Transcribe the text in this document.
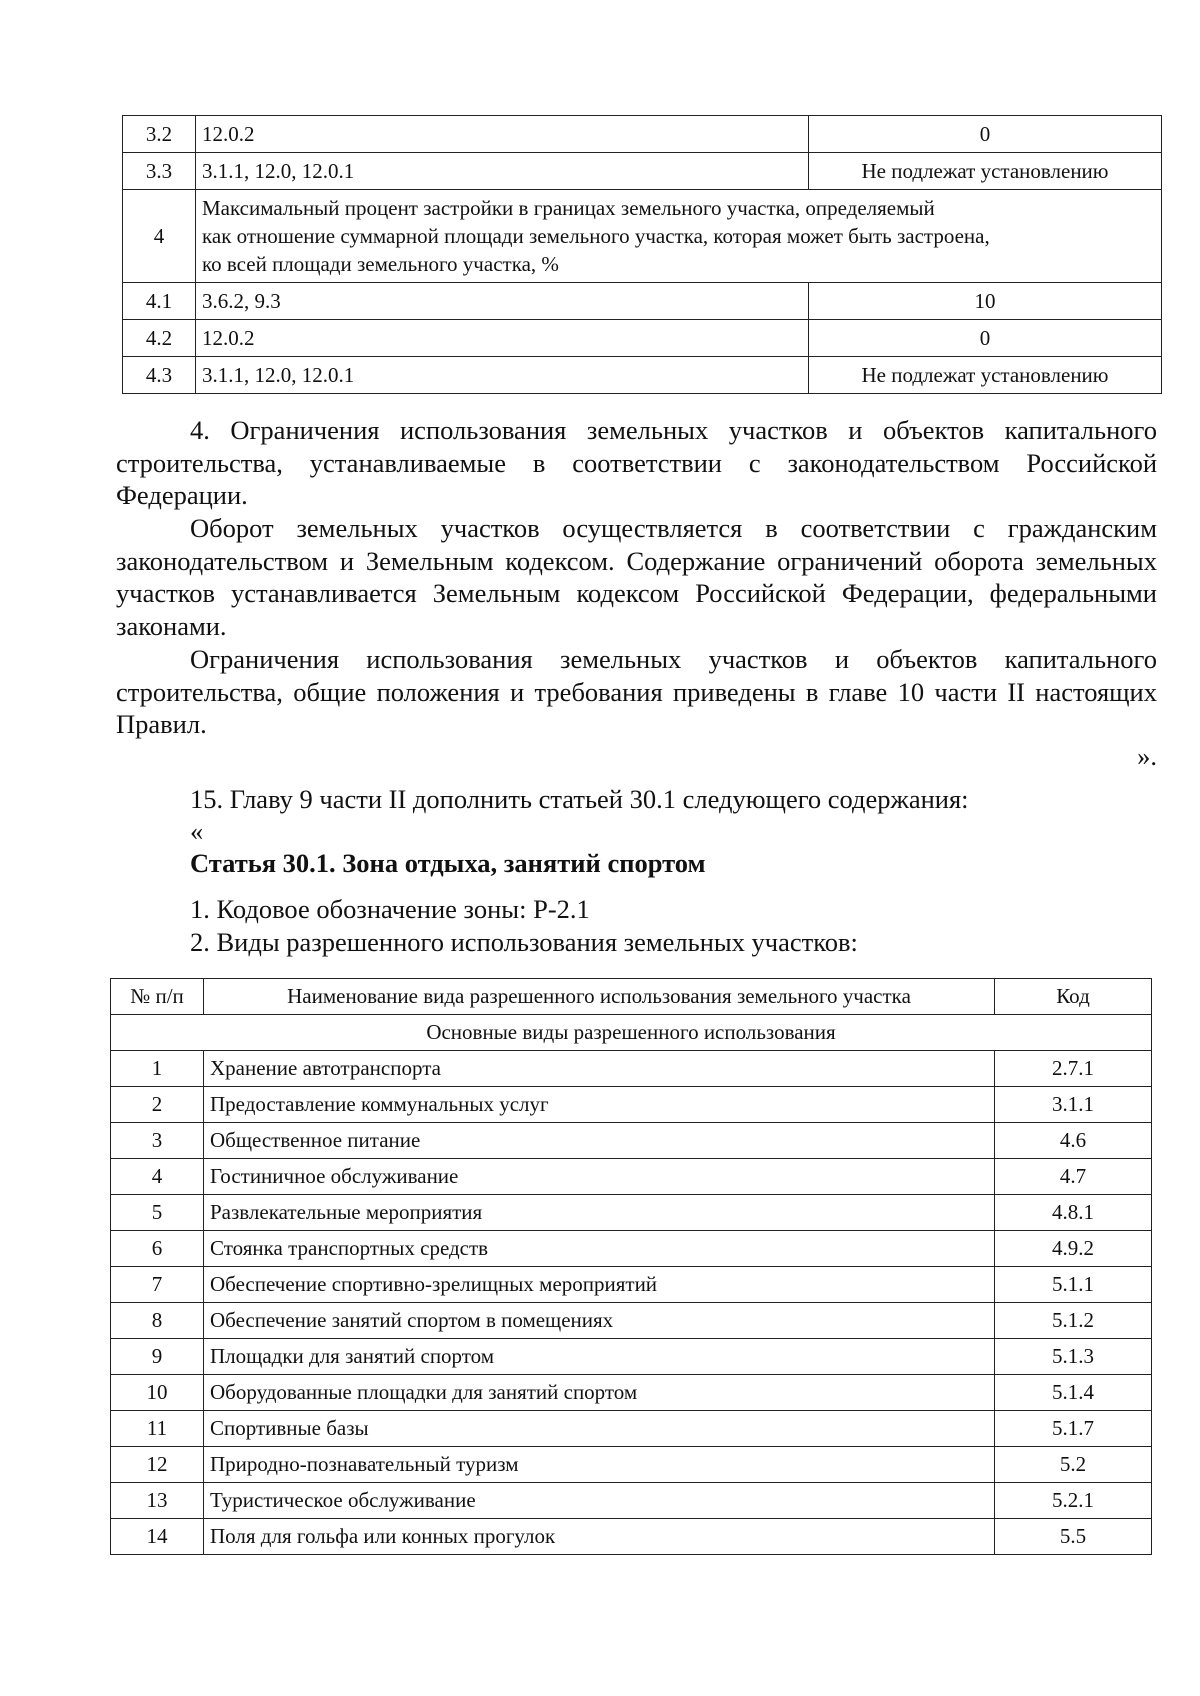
3.2	12.0.2	0
3.3	3.1.1, 12.0, 12.0.1	Не подлежат установлению
4	Максимальный процент застройки в границах земельного участка, определяемый
как отношение суммарной площади земельного участка, которая может быть застроена,
ко всей площади земельного участка, %	

4.1	3.6.2, 9.3	10
4.2	12.0.2	0
4.3	3.1.1, 12.0, 12.0.1	Не подлежат установлению

4. Ограничения использования земельных участков и объектов капитального строительства, устанавливаемые в соответствии с законодательством Российской Федерации.

Оборот земельных участков осуществляется в соответствии с гражданским законодательством и Земельным кодексом. Содержание ограничений оборота земельных участков устанавливается Земельным кодексом Российской Федерации, федеральными законами.

Ограничения использования земельных участков и объектов капитального строительства, общие положения и требования приведены в главе 10 части II настоящих Правил.

».

15. Главу 9 части II дополнить статьей 30.1 следующего содержания:

«

Статья 30.1. Зона отдыха, занятий спортом

1. Кодовое обозначение зоны: Р-2.1

2. Виды разрешенного использования земельных участков:

№ п/п	Наименование вида разрешенного использования земельного участка	Код
Основные виды разрешенного использования		
1	Хранение автотранспорта	2.7.1
2	Предоставление коммунальных услуг	3.1.1
3	Общественное питание	4.6
4	Гостиничное обслуживание	4.7
5	Развлекательные мероприятия	4.8.1
6	Стоянка транспортных средств	4.9.2
7	Обеспечение спортивно-зрелищных мероприятий	5.1.1
8	Обеспечение занятий спортом в помещениях	5.1.2
9	Площадки для занятий спортом	5.1.3
10	Оборудованные площадки для занятий спортом	5.1.4
11	Спортивные базы	5.1.7
12	Природно-познавательный туризм	5.2
13	Туристическое обслуживание	5.2.1
14	Поля для гольфа или конных прогулок	5.5
